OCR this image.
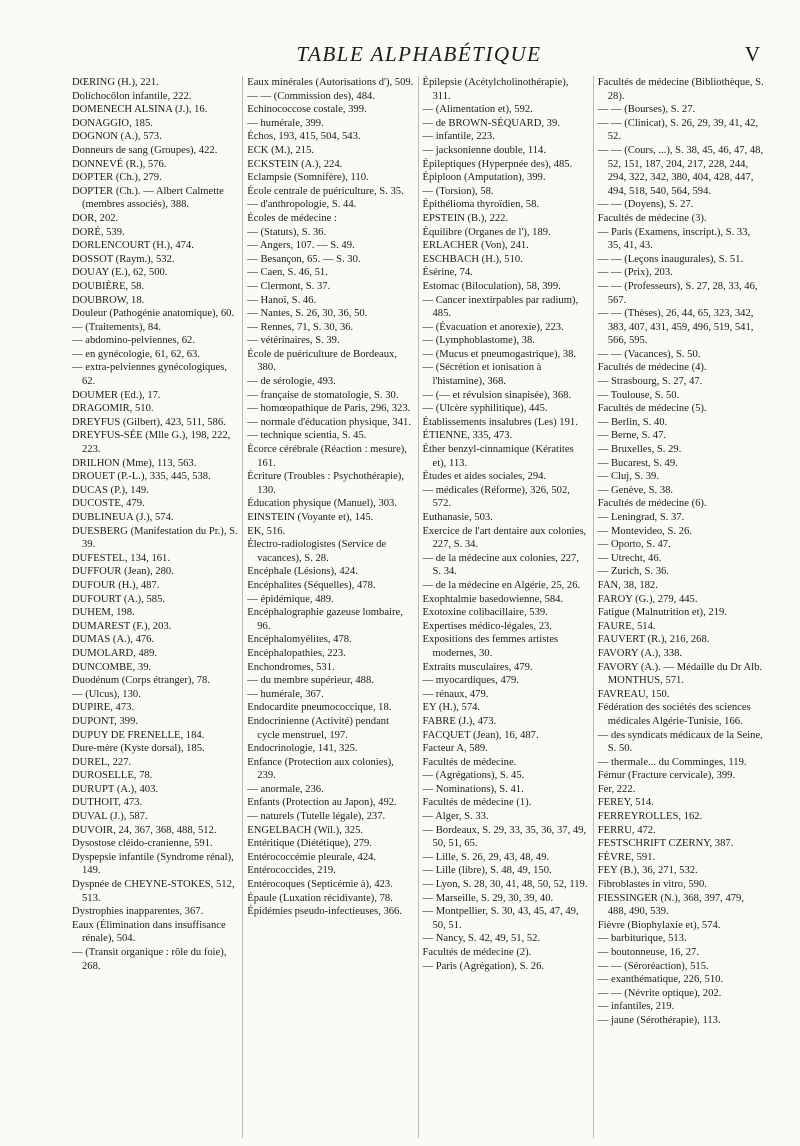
TABLE ALPHABÉTIQUE	V

DŒRING (H.), 221.

Dolichocôlon infantile, 222.

DOMENECH ALSINA (J.), 16.

DONAGGIO, 185.

DOGNON (A.), 573.

Donneurs de sang (Groupes), 422.

DONNEVÉ (R.), 576.

DOPTER (Ch.), 279.

DOPTER (Ch.). — Albert Calmette (membres associés), 388.

DOR, 202.

DORÉ, 539.

DORLENCOURT (H.), 474.

DOSSOT (Raym.), 532.

DOUAY (E.), 62, 500.

DOUBIÈRE, 58.

DOUBROW, 18.

Douleur (Pathogénie anatomique), 60.

— (Traitements), 84.

— abdomino-pelviennes, 62.

— en gynécologie, 61, 62, 63.

— extra-pelviennes gynécologiques, 62.

DOUMER (Ed.), 17.

DRAGOMIR, 510.

DREYFUS (Gilbert), 423, 511, 586.

DREYFUS-SÉE (Mlle G.), 198, 222, 223.

DRILHON (Mme), 113, 563.

DROUET (P.-L.), 335, 445, 538.

DUCAS (P.), 149.

DUCOSTE, 479.

DUBLINEUA (J.), 574.

DUESBERG (Manifestation du Pr.), S. 39.

DUFESTEL, 134, 161.

DUFFOUR (Jean), 280.

DUFOUR (H.), 487.

DUFOURT (A.), 585.

DUHEM, 198.

DUMAREST (F.), 203.

DUMAS (A.), 476.

DUMOLARD, 489.

DUNCOMBE, 39.

Duodénum (Corps étranger), 78.

— (Ulcus), 130.

DUPIRE, 473.

DUPONT, 399.

DUPUY DE FRENELLE, 184.

Dure-mère (Kyste dorsal), 185.

DUREL, 227.

DUROSELLE, 78.

DURUPT (A.), 403.

DUTHOIT, 473.

DUVAL (J.), 587.

DUVOIR, 24, 367, 368, 488, 512.

Dysostose cléido-cranienne, 591.

Dyspepsie infantile (Syndrome rénal), 149.

Dyspnée de CHEYNE-STOKES, 512, 513.

Dystrophies inapparentes, 367.

Eaux (Élimination dans insuffisance rénale), 504.

— (Transit organique : rôle du foie), 268.

Eaux minérales (Autorisations d'), 509.

— — (Commission des), 484.

Echinococcose costale, 399.

— humérale, 399.

Échos, 193, 415, 504, 543.

ECK (M.), 215.

ECKSTEIN (A.), 224.

Eclampsie (Somnifère), 110.

École centrale de puériculture, S. 35.

— d'anthropologie, S. 44.

Écoles de médecine :

— (Statuts), S. 36.

— Angers, 107. — S. 49.

— Besançon, 65. — S. 30.

— Caen, S. 46, 51.

— Clermont, S. 37.

— Hanoï, S. 46.

— Nantes, S. 26, 30, 36, 50.

— Rennes, 71, S. 30, 36.

— vétérinaires, S. 39.

École de puériculture de Bordeaux, 380.

— de sérologie, 493.

— française de stomatologie, S. 30.

— homœopathique de Paris, 296, 323.

— normale d'éducation physique, 341.

— technique scientia, S. 45.

Écorce cérébrale (Réaction : mesure), 161.

Écriture (Troubles : Psychothérapie), 130.

Éducation physique (Manuel), 303.

EINSTEIN (Voyante et), 145.

EK, 516.

Électro-radiologistes (Service de vacances), S. 28.

Encéphale (Lésions), 424.

Encéphalites (Séquelles), 478.

— épidémique, 489.

Encéphalographie gazeuse lombaire, 96.

Encéphalomyélites, 478.

Encéphalopathies, 223.

Enchondromes, 531.

— du membre supérieur, 488.

— humérale, 367.

Endocardite pneumococcique, 18.

Endocrinienne (Activité) pendant cycle menstruel, 197.

Endocrinologie, 141, 325.

Enfance (Protection aux colonies), 239.

— anormale, 236.

Enfants (Protection au Japon), 492.

— naturels (Tutelle légale), 237.

ENGELBACH (Wil.), 325.

Entéritique (Diététique), 279.

Entérococcémie pleurale, 424.

Entérococcides, 219.

Entérocoques (Septicémie à), 423.

Épaule (Luxation récidivante), 78.

Épidémies pseudo-infectieuses, 366.

Épilepsie (Acétylcholinothérapie), 311.

— (Alimentation et), 592.

— de BROWN-SÉQUARD, 39.

— infantile, 223.

— jacksonienne double, 114.

Épileptiques (Hyperpnée des), 485.

Épiploon (Amputation), 399.

— (Torsion), 58.

Épithélioma thyroïdien, 58.

EPSTEIN (B.), 222.

Équilibre (Organes de l'), 189.

ERLACHER (Von), 241.

ESCHBACH (H.), 510.

Ésérine, 74.

Estomac (Biloculation), 58, 399.

— Cancer inextirpables par radium), 485.

— (Évacuation et anorexie), 223.

— (Lymphoblastome), 38.

— (Mucus et pneumogastrique), 38.

— (Sécrétion et ionisation à l'histamine), 368.

— (— et révulsion sinapisée), 368.

— (Ulcère syphilitique), 445.

Établissements insalubres (Les) 191.

ÉTIENNE, 335, 473.

Éther benzyl-cinnamique (Kératites et), 113.

Études et aides sociales, 294.

— médicales (Réforme), 326, 502, 572.

Euthanasie, 503.

Exercice de l'art dentaire aux colonies, 227, S. 34.

— de la médecine aux colonies, 227, S. 34.

— de la médecine en Algérie, 25, 26.

Exophtalmie basedowienne, 584.

Exotoxine colibacillaire, 539.

Expertises médico-légales, 23.

Expositions des femmes artistes modernes, 30.

Extraits musculaires, 479.

— myocardiques, 479.

— rénaux, 479.

EY (H.), 574.

FABRE (J.), 473.

FACQUET (Jean), 16, 487.

Facteur A, 589.

Facultés de médecine.

— (Agrégations), S. 45.

— Nominations), S. 41.

Facultés de médecine (1).

— Alger, S. 33.

— Bordeaux, S. 29, 33, 35, 36, 37, 49, 50, 51, 65.

— Lille, S. 26, 29, 43, 48, 49.

— Lille (libre), S. 48, 49, 150.

— Lyon, S. 28, 30, 41, 48, 50, 52, 119.

— Marseille, S. 29, 30, 39, 40.

— Montpellier, S. 30, 43, 45, 47, 49, 50, 51.

— Nancy, S. 42, 49, 51, 52.

Facultés de médecine (2).

— Paris (Agrégation), S. 26.

Facultés de médecine (Bibliothèque, S. 28).

— — (Bourses), S. 27.

— — (Clinicat), S. 26, 29, 39, 41, 42, 52.

— — (Cours, ...), S. 38, 45, 46, 47, 48, 52, 151, 187, 204, 217, 228, 244, 294, 322, 342, 380, 404, 428, 447, 494, 518, 540, 564, 594.

— — (Doyens), S. 27.

Facultés de médecine (3).

— Paris (Examens, inscript.), S. 33, 35, 41, 43.

— — (Leçons inaugurales), S. 51.

— — (Prix), 203.

— — (Professeurs), S. 27, 28, 33, 46, 567.

— — (Thèses), 26, 44, 65, 323, 342, 383, 407, 431, 459, 496, 519, 541, 566, 595.

— — (Vacances), S. 50.

Facultés de médecine (4).

— Strasbourg, S. 27, 47.

— Toulouse, S. 50.

Facultés de médecine (5).

— Berlin, S. 40.

— Berne, S. 47.

— Bruxelles, S. 29.

— Bucarest, S. 49.

— Cluj, S. 39.

— Genève, S. 38.

Facultés de médecine (6).

— Leningrad, S. 37.

— Montevideo, S. 26.

— Oporto, S. 47.

— Utrecht, 46.

— Zurich, S. 36.

FAN, 38, 182.

FAROY (G.), 279, 445.

Fatigue (Malnutrition et), 219.

FAURE, 514.

FAUVERT (R.), 216, 268.

FAVORY (A.), 338.

FAVORY (A.). — Médaille du Dr Alb. MONTHUS, 571.

FAVREAU, 150.

Fédération des sociétés des sciences médicales Algérie-Tunisie, 166.

— des syndicats médicaux de la Seine, S. 50.

— thermale... du Comminges, 119.

Fémur (Fracture cervicale), 399.

Fer, 222.

FEREY, 514.

FERREYROLLES, 162.

FERRU, 472.

FESTSCHRIFT CZERNY, 387.

FÈVRE, 591.

FEY (B.), 36, 271, 532.

Fibroblastes in vitro, 590.

FIESSINGER (N.), 368, 397, 479, 488, 490, 539.

Fièvre (Biophylaxie et), 574.

— barbiturique, 513.

— boutonneuse, 16, 27.

— — (Séroréaction), 515.

— exanthématique, 226, 510.

— — (Névrite optique), 202.

— infantiles, 219.

— jaune (Sérothérapie), 113.
